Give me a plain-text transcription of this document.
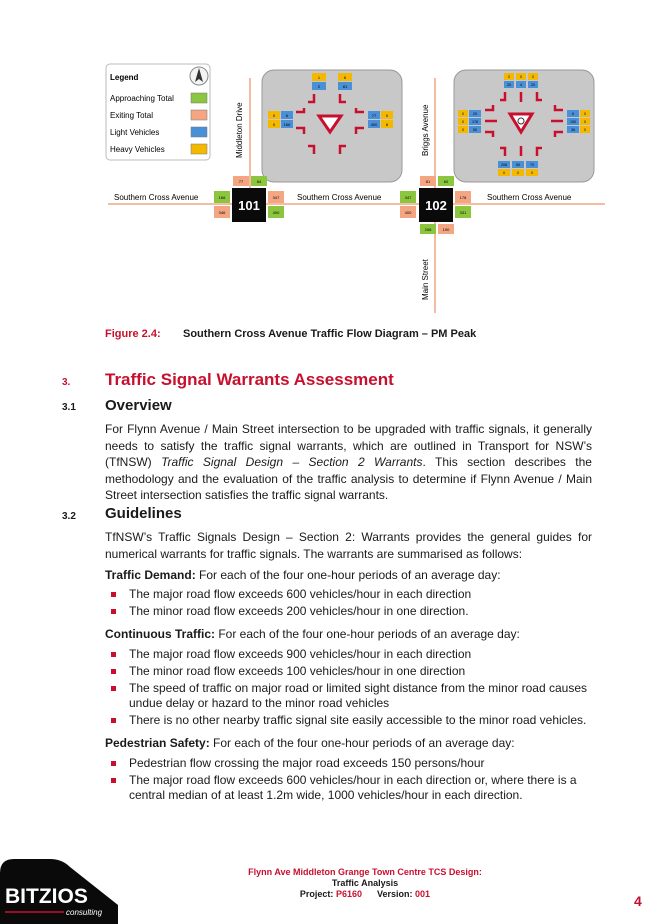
Legend
Approaching Total
Exiting Total
Light Vehicles
Heavy Vehicles
Southern Cross Avenue	Southern Cross Avenue	Southern Cross Avenue
Middleton Drive	Briggs Avenue
Main Street
1	6
2	81
0	6
0 166
77 0
400 8
0	0	0
20	4	20
0	20
0 178
0	50
6	0
150 0
36	0
208	50	70
0	0	0
77	84
166
346
347
400
101
81	60
347
400
178
331
208	190
102
Figure 2.4: Southern Cross Avenue Traffic Flow Diagram – PM Peak
3. Traffic Signal Warrants Assessment
3.1 Overview

For Flynn Avenue / Main Street intersection to be upgraded with traffic signals, it generally needs to satisfy the traffic signal warrants, which are outlined in Transport for NSW’s (TfNSW) Traffic Signal Design – Section 2 Warrants. This section describes the methodology and the evaluation of the traffic analysis to determine if Flynn Avenue / Main Street intersection satisfies the traffic signal warrants.

3.2 Guidelines

TfNSW’s Traffic Signals Design – Section 2: Warrants provides the general guides for numerical warrants for traffic signals. The warrants are summarised as follows:

Traffic Demand: For each of the four one-hour periods of an average day:
The major road flow exceeds 600 vehicles/hour in each direction
The minor road flow exceeds 200 vehicles/hour in one direction.
Continuous Traffic: For each of the four one-hour periods of an average day:
The major road flow exceeds 900 vehicles/hour in each direction
The minor road flow exceeds 100 vehicles/hour in one direction
The speed of traffic on major road or limited sight distance from the minor road causes undue delay or hazard to the minor road vehicles
There is no other nearby traffic signal site easily accessible to the minor road vehicles.
Pedestrian Safety: For each of the four one-hour periods of an average day:
Pedestrian flow crossing the major road exceeds 150 persons/hour
The major road flow exceeds 600 vehicles/hour in each direction or, where there is a central median of at least 1.2m wide, 1000 vehicles/hour in each direction.
Flynn Ave Middleton Grange Town Centre TCS Design:
Traffic Analysis
Project: P6160 Version: 001	4
BITZIOS
consulting
